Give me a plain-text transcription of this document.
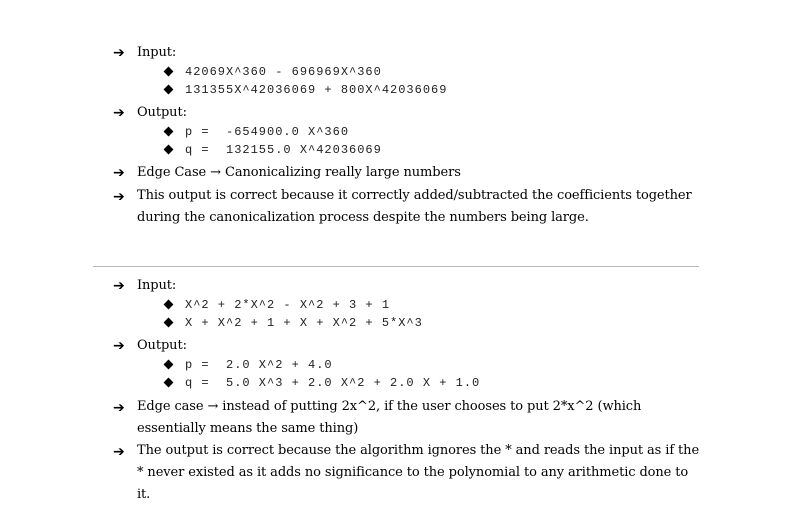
➔ Input:
42069X^360 - 696969X^360
131355X^42036069 + 800X^42036069
➔ Output:
p =  -654900.0 X^360
q =  132155.0 X^42036069
➔ Edge Case → Canonicalizing really large numbers
➔ This output is correct because it correctly added/subtracted the coefficients together during the canonicalization process despite the numbers being large.
➔ Input:
X^2 + 2*X^2 - X^2 + 3 + 1
X + X^2 + 1 + X + X^2 + 5*X^3
➔ Output:
p =  2.0 X^2 + 4.0
q =  5.0 X^3 + 2.0 X^2 + 2.0 X + 1.0
➔ Edge case → instead of putting 2x^2, if the user chooses to put 2*x^2 (which essentially means the same thing)
➔ The output is correct because the algorithm ignores the * and reads the input as if the * never existed as it adds no significance to the polynomial to any arithmetic done to it.
